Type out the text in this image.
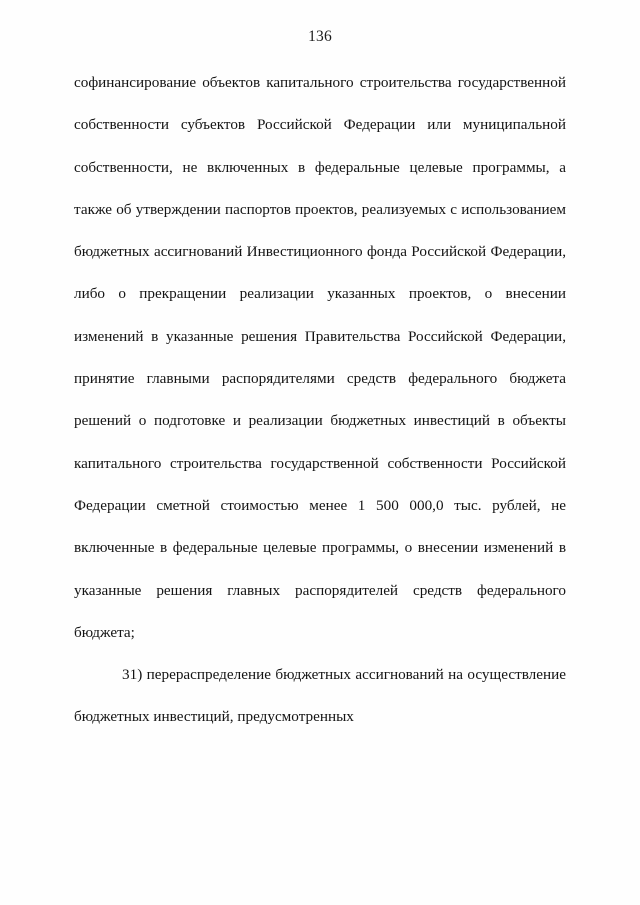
136

софинансирование объектов капитального строительства государственной собственности субъектов Российской Федерации или муниципальной собственности, не включенных в федеральные целевые программы, а также об утверждении паспортов проектов, реализуемых с использованием бюджетных ассигнований Инвестиционного фонда Российской Федерации, либо о прекращении реализации указанных проектов, о внесении изменений в указанные решения Правительства Российской Федерации, принятие главными распорядителями средств федерального бюджета решений о подготовке и реализации бюджетных инвестиций в объекты капитального строительства государственной собственности Российской Федерации сметной стоимостью менее 1 500 000,0 тыс. рублей, не включенные в федеральные целевые программы, о внесении изменений в указанные решения главных распорядителей средств федерального бюджета;

31) перераспределение бюджетных ассигнований на осуществление бюджетных инвестиций, предусмотренных
